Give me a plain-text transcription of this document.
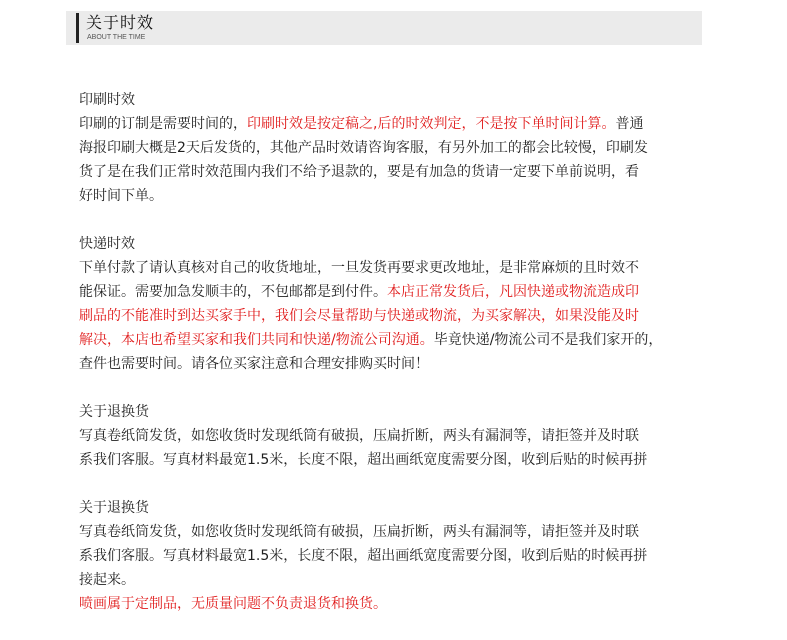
关于时效
ABOUT THE TIME
印刷时效
印刷的订制是需要时间的，印刷时效是按定稿之,后的时效判定，不是按下单时间计算。普通
海报印刷大概是2天后发货的，其他产品时效请咨询客服，有另外加工的都会比较慢，印刷发
货了是在我们正常时效范围内我们不给予退款的，要是有加急的货请一定要下单前说明，看
好时间下单。
快递时效
下单付款了请认真核对自己的收货地址，一旦发货再要求更改地址，是非常麻烦的且时效不
能保证。需要加急发顺丰的，不包邮都是到付件。本店正常发货后，凡因快递或物流造成印
刷品的不能准时到达买家手中，我们会尽量帮助与快递或物流，为买家解决，如果没能及时
解决，本店也希望买家和我们共同和快递/物流公司沟通。毕竟快递/物流公司不是我们家开的，
查件也需要时间。请各位买家注意和合理安排购买时间！
关于退换货
写真卷纸筒发货，如您收货时发现纸筒有破损，压扁折断，两头有漏洞等，请拒签并及时联
系我们客服。写真材料最宽1.5米，长度不限，超出画纸宽度需要分图，收到后贴的时候再拼
关于退换货
写真卷纸筒发货，如您收货时发现纸筒有破损，压扁折断，两头有漏洞等，请拒签并及时联
系我们客服。写真材料最宽1.5米，长度不限，超出画纸宽度需要分图，收到后贴的时候再拼
接起来。
喷画属于定制品，无质量问题不负责退货和换货。
